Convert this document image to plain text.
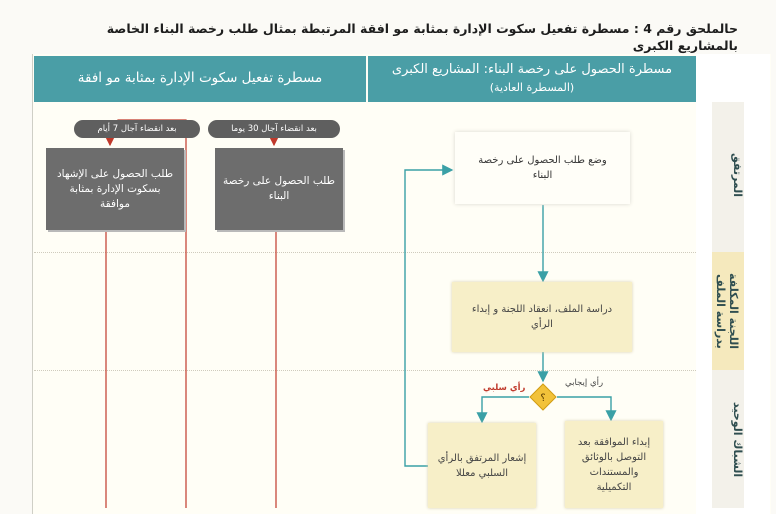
حالملحق رقم 4 : مسطرة تفعيل سكوت الإدارة بمثابة مو افقة المرتبطة بمثال طلب رخصة البناء الخاصة بالمشاريع الكبرى
مسطرة تفعيل سكوت الإدارة بمثابة مو افقة
مسطرة الحصول على رخصة البناء: المشاريع الكبرى
(المسطرة العادية)
المرتفق
اللجنة المكلفة بدراسة الملف
الشباك الوحيد
؟
بعد انقضاء آجال 30 يوما
بعد انقضاء آجال 7 أيام
طلب الحصول على رخصة البناء
طلب الحصول على الإشهاد بسكوت الإدارة بمثابة موافقة
وضع طلب الحصول على رخصة البناء
دراسة الملف، انعقاد اللجنة و إبداء الرأي
إبداء الموافقة بعد التوصل بالوثائق والمستندات التكميلية
إشعار المرتفق بالرأي السلبي معللا
رأي إيجابي
رأي سلبي
